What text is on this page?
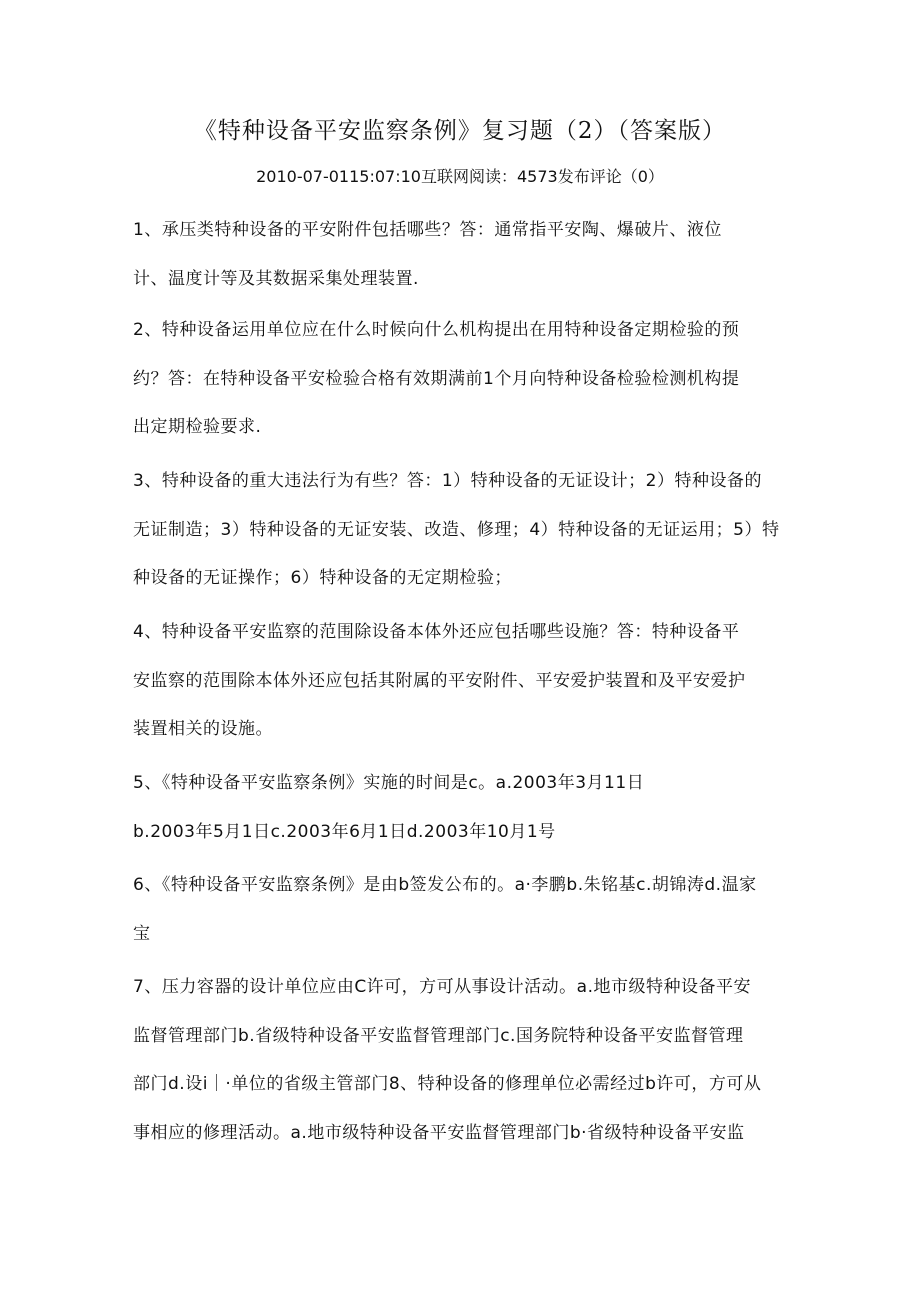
《特种设备平安监察条例》复习题（2）（答案版）
2010-07-0115:07:10互联网阅读：4573发布评论（0）
1、承压类特种设备的平安附件包括哪些？答：通常指平安陶、爆破片、液位
计、温度计等及其数据采集处理装置.
2、特种设备运用单位应在什么时候向什么机构提出在用特种设备定期检验的预
约？答：在特种设备平安检验合格有效期满前1个月向特种设备检验检测机构提
出定期检验要求.
3、特种设备的重大违法行为有些？答：1）特种设备的无证设计；2）特种设备的
无证制造；3）特种设备的无证安装、改造、修理；4）特种设备的无证运用；5）特
种设备的无证操作；6）特种设备的无定期检验；
4、特种设备平安监察的范围除设备本体外还应包括哪些设施？答：特种设备平
安监察的范围除本体外还应包括其附属的平安附件、平安爱护装置和及平安爱护
装置相关的设施。
5、《特种设备平安监察条例》实施的时间是c。a.2003年3月11日
b.2003年5月1日c.2003年6月1日d.2003年10月1号
6、《特种设备平安监察条例》是由b签发公布的。a·李鹏b.朱铭基c.胡锦涛d.温家
宝
7、压力容器的设计单位应由C许可，方可从事设计活动。a.地市级特种设备平安
监督管理部门b.省级特种设备平安监督管理部门c.国务院特种设备平安监督管理
部门d.设i｜·单位的省级主管部门8、特种设备的修理单位必需经过b许可，方可从
事相应的修理活动。a.地市级特种设备平安监督管理部门b·省级特种设备平安监
